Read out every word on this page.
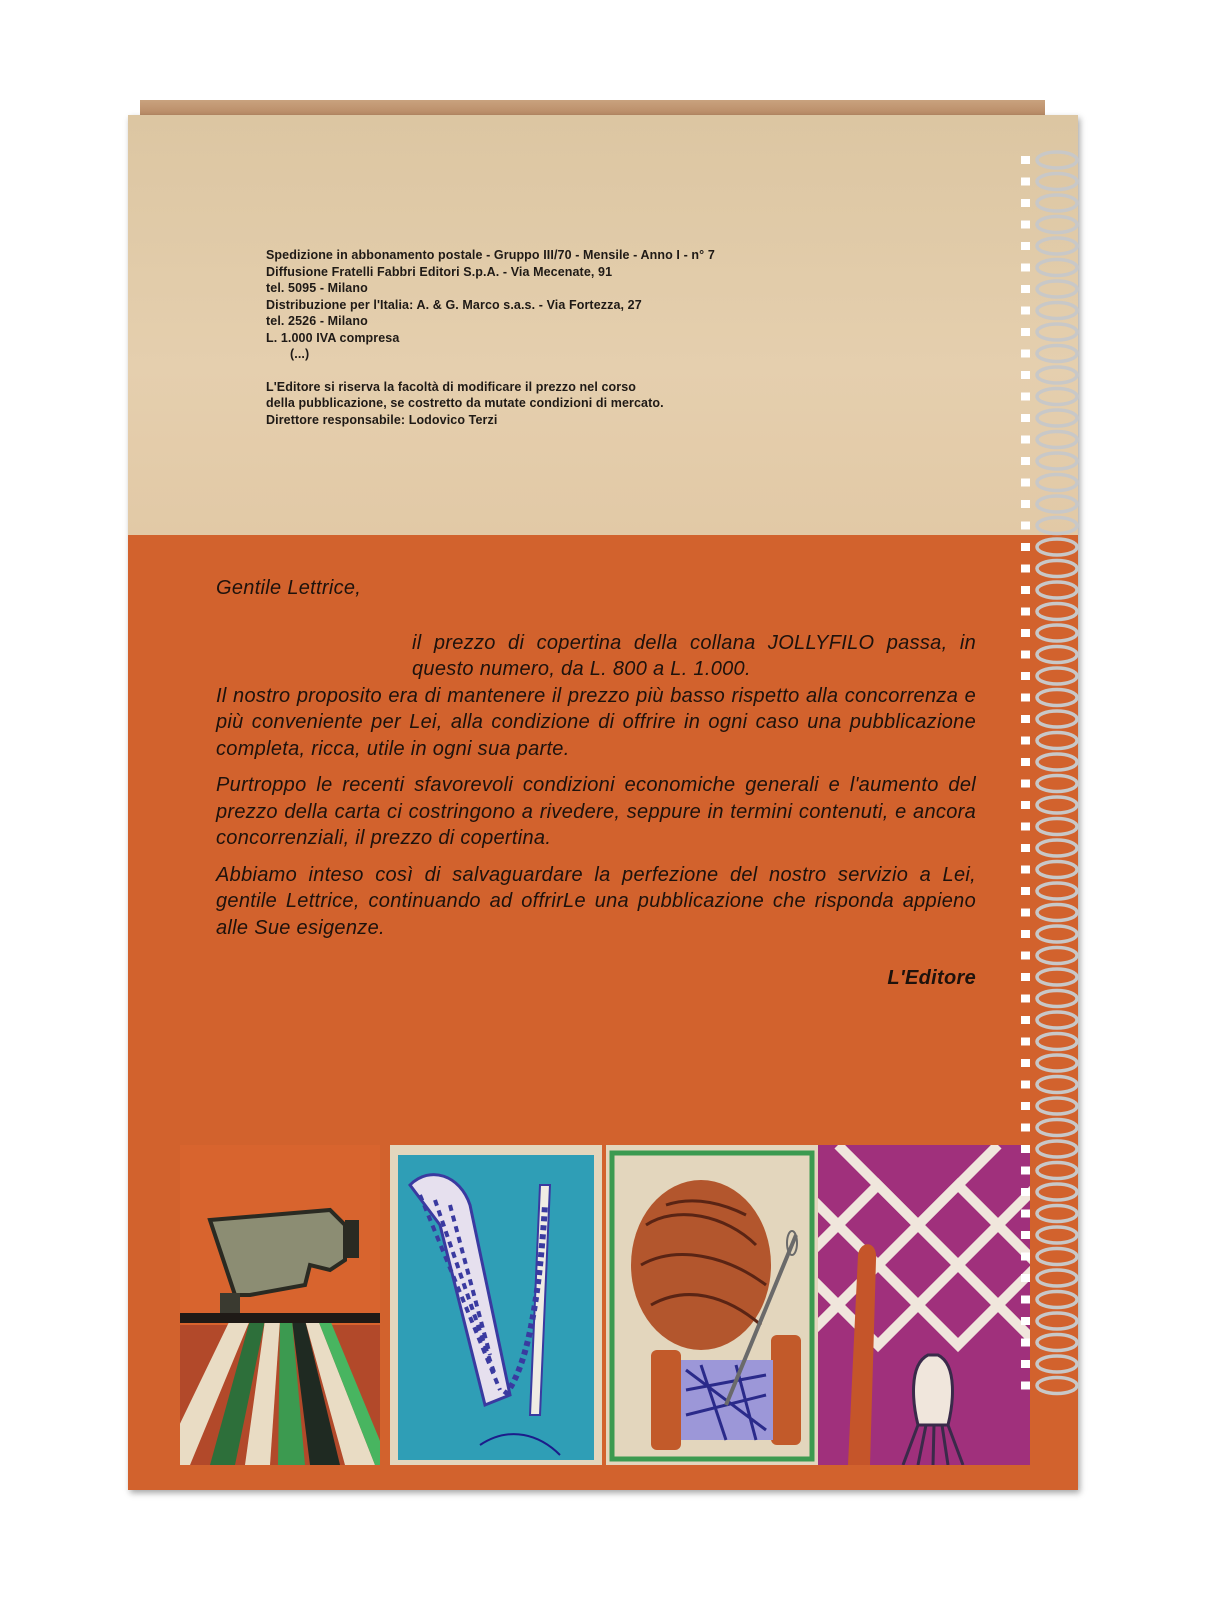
Spedizione in abbonamento postale - Gruppo III/70 - Mensile - Anno I - n° 7
Diffusione Fratelli Fabbri Editori S.p.A. - Via Mecenate, 91
tel. 5095 - Milano
Distribuzione per l'Italia: A. & G. Marco s.a.s. - Via Fortezza, 27
tel. 2526 - Milano
L. 1.000 IVA compresa
(...)
L'Editore si riserva la facoltà di modificare il prezzo nel corso
della pubblicazione, se costretto da mutate condizioni di mercato.
Direttore responsabile: Lodovico Terzi

Gentile Lettrice,

il prezzo di copertina della collana JOLLYFILO passa, in questo numero, da L. 800 a L. 1.000.

Il nostro proposito era di mantenere il prezzo più basso rispetto alla concorrenza e più conveniente per Lei, alla condizione di offrire in ogni caso una pubblicazione completa, ricca, utile in ogni sua parte.

Purtroppo le recenti sfavorevoli condizioni economiche generali e l'aumento del prezzo della carta ci costringono a rivedere, seppure in termini contenuti, e ancora concorrenziali, il prezzo di copertina.

Abbiamo inteso così di salvaguardare la perfezione del nostro servizio a Lei, gentile Lettrice, continuando ad offrirLe una pubblicazione che risponda appieno alle Sue esigenze.

L'Editore
